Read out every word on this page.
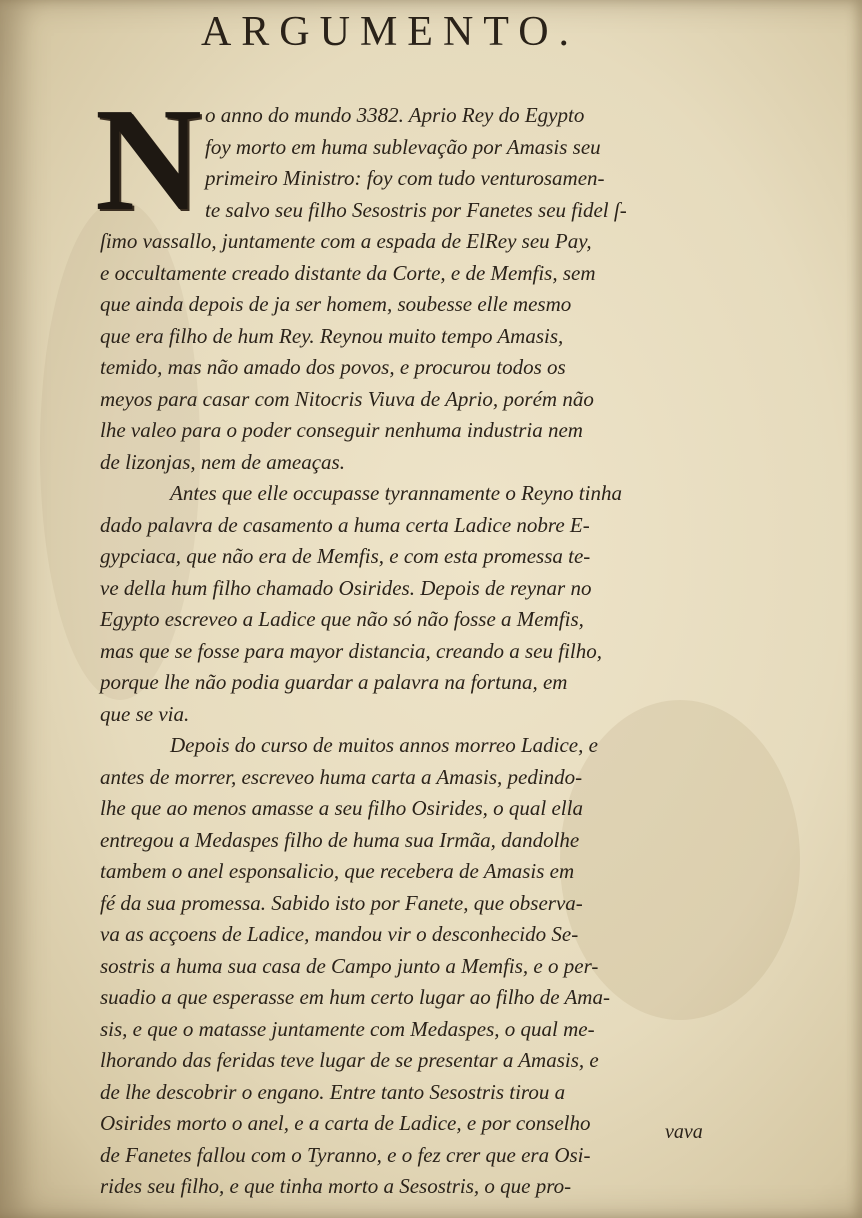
ARGUMENTO.
N o anno do mundo 3382. Aprio Rey do Egypto
foy morto em huma sublevação por Amasis seu
primeiro Ministro: foy com tudo venturosamen-
te salvo seu filho Sesostris por Fanetes seu fidel ſ-
ſimo vassallo, juntamente com a espada de ElRey seu Pay,
e occultamente creado distante da Corte, e de Memfis, sem
que ainda depois de ja ser homem, soubesse elle mesmo
que era filho de hum Rey. Reynou muito tempo Amasis,
temido, mas não amado dos povos, e procurou todos os
meyos para casar com Nitocris Viuva de Aprio, porém não
lhe valeo para o poder conseguir nenhuma industria nem
de lizonjas, nem de ameaças.
Antes que elle occupasse tyrannamente o Reyno tinha
dado palavra de casamento a huma certa Ladice nobre E-
gypciaca, que não era de Memfis, e com esta promessa te-
ve della hum filho chamado Osirides. Depois de reynar no
Egypto escreveo a Ladice que não só não fosse a Memfis,
mas que se fosse para mayor distancia, creando a seu filho,
porque lhe não podia guardar a palavra na fortuna, em
que se via.
Depois do curso de muitos annos morreo Ladice, e
antes de morrer, escreveo huma carta a Amasis, pedindo-
lhe que ao menos amasse a seu filho Osirides, o qual ella
entregou a Medaspes filho de huma sua Irmãa, dandolhe
tambem o anel esponsalicio, que recebera de Amasis em
fé da sua promessa. Sabido isto por Fanete, que observa-
va as acçoens de Ladice, mandou vir o desconhecido Se-
sostris a huma sua casa de Campo junto a Memfis, e o per-
suadio a que esperasse em hum certo lugar ao filho de Ama-
sis, e que o matasse juntamente com Medaspes, o qual me-
lhorando das feridas teve lugar de se presentar a Amasis, e
de lhe descobrir o engano. Entre tanto Sesostris tirou a
Osirides morto o anel, e a carta de Ladice, e por conselho
de Fanetes fallou com o Tyranno, e o fez crer que era Osi-
rides seu filho, e que tinha morto a Sesostris, o que pro-
vava
